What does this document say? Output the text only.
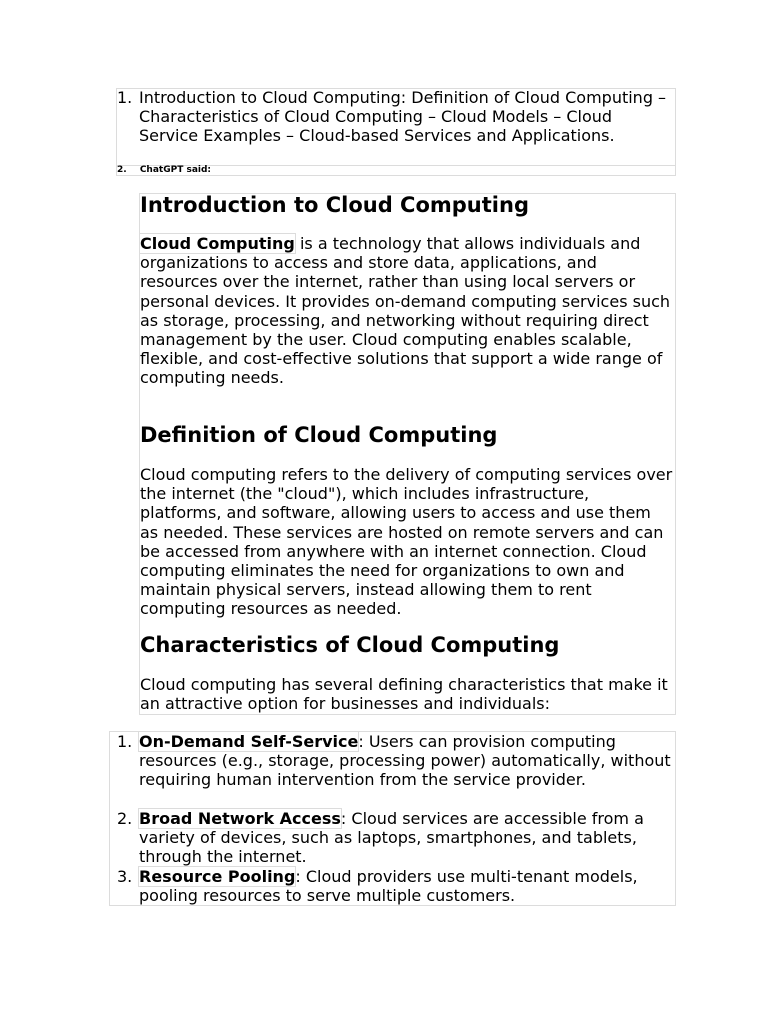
1. Introduction to Cloud Computing: Definition of Cloud Computing – Characteristics of Cloud Computing – Cloud Models – Cloud Service Examples – Cloud-based Services and Applications.
2. ChatGPT said:
Introduction to Cloud Computing

Cloud Computing is a technology that allows individuals and organizations to access and store data, applications, and resources over the internet, rather than using local servers or personal devices. It provides on-demand computing services such as storage, processing, and networking without requiring direct management by the user. Cloud computing enables scalable, flexible, and cost-effective solutions that support a wide range of computing needs.

Definition of Cloud Computing

Cloud computing refers to the delivery of computing services over the internet (the "cloud"), which includes infrastructure, platforms, and software, allowing users to access and use them as needed. These services are hosted on remote servers and can be accessed from anywhere with an internet connection. Cloud computing eliminates the need for organizations to own and maintain physical servers, instead allowing them to rent computing resources as needed.

Characteristics of Cloud Computing

Cloud computing has several defining characteristics that make it an attractive option for businesses and individuals:

1. On-Demand Self-Service: Users can provision computing resources (e.g., storage, processing power) automatically, without requiring human intervention from the service provider.
2. Broad Network Access: Cloud services are accessible from a variety of devices, such as laptops, smartphones, and tablets, through the internet.
3. Resource Pooling: Cloud providers use multi-tenant models, pooling resources to serve multiple customers.
